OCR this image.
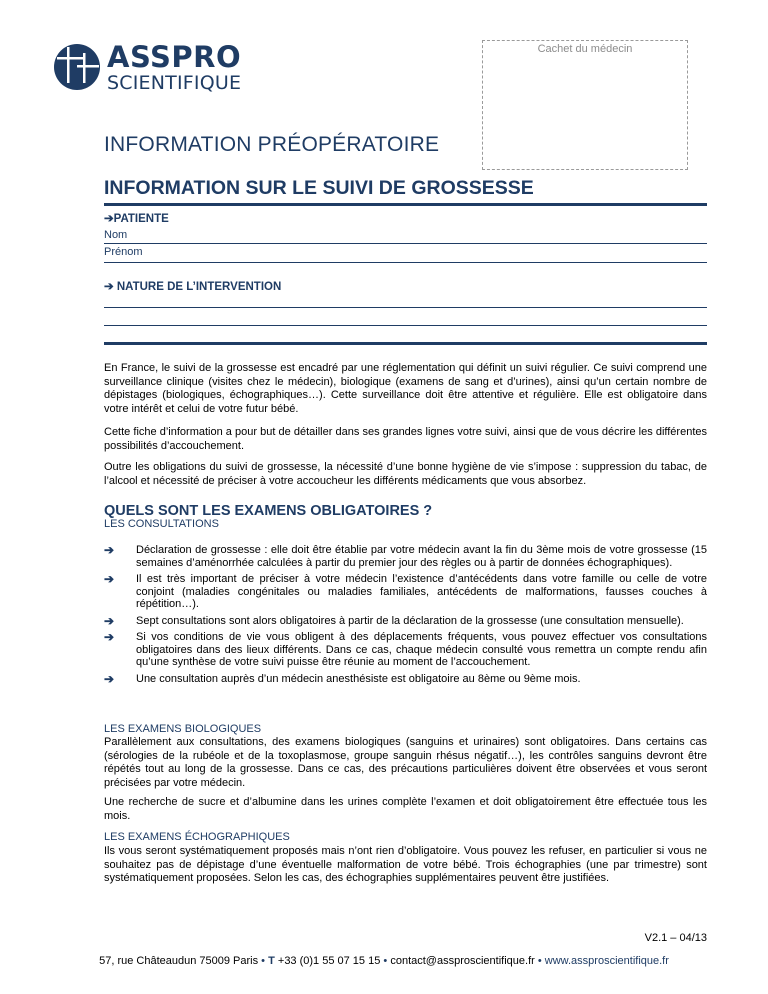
ASSPRO
SCIENTIFIQUE
Cachet du médecin
INFORMATION PRÉOPÉRATOIRE
INFORMATION SUR LE SUIVI DE GROSSESSE
➔PATIENTE
Nom
Prénom
➔ NATURE DE L’INTERVENTION
En France, le suivi de la grossesse est encadré par une réglementation qui définit un suivi régulier. Ce suivi comprend une surveillance clinique (visites chez le médecin), biologique (examens de sang et d’urines), ainsi qu’un certain nombre de dépistages (biologiques, échographiques…). Cette surveillance doit être attentive et régulière. Elle est obligatoire dans votre intérêt et celui de votre futur bébé.
Cette fiche d’information a pour but de détailler dans ses grandes lignes votre suivi, ainsi que de vous décrire les différentes possibilités d’accouchement.
Outre les obligations du suivi de grossesse, la nécessité d’une bonne hygiène de vie s’impose : suppression du tabac, de l’alcool et nécessité de préciser à votre accoucheur les différents médicaments que vous absorbez.
QUELS SONT LES EXAMENS OBLIGATOIRES ?
LES CONSULTATIONS
➔ Déclaration de grossesse : elle doit être établie par votre médecin avant la fin du 3ème mois de votre grossesse (15 semaines d’aménorrhée calculées à partir du premier jour des règles ou à partir de données échographiques).
➔ Il est très important de préciser à votre médecin l’existence d’antécédents dans votre famille ou celle de votre conjoint (maladies congénitales ou maladies familiales, antécédents de malformations, fausses couches à répétition…).
➔ Sept consultations sont alors obligatoires à partir de la déclaration de la grossesse (une consultation mensuelle).
➔ Si vos conditions de vie vous obligent à des déplacements fréquents, vous pouvez effectuer vos consultations obligatoires dans des lieux différents. Dans ce cas, chaque médecin consulté vous remettra un compte rendu afin qu’une synthèse de votre suivi puisse être réunie au moment de l’accouchement.
➔ Une consultation auprès d’un médecin anesthésiste est obligatoire au 8ème ou 9ème mois.
LES EXAMENS BIOLOGIQUES
Parallèlement aux consultations, des examens biologiques (sanguins et urinaires) sont obligatoires. Dans certains cas (sérologies de la rubéole et de la toxoplasmose, groupe sanguin rhésus négatif…), les contrôles sanguins devront être répétés tout au long de la grossesse. Dans ce cas, des précautions particulières doivent être observées et vous seront précisées par votre médecin.
Une recherche de sucre et d’albumine dans les urines complète l’examen et doit obligatoirement être effectuée tous les mois.
LES EXAMENS ÉCHOGRAPHIQUES
Ils vous seront systématiquement proposés mais n’ont rien d’obligatoire. Vous pouvez les refuser, en particulier si vous ne souhaitez pas de dépistage d’une éventuelle malformation de votre bébé. Trois échographies (une par trimestre) sont systématiquement proposées. Selon les cas, des échographies supplémentaires peuvent être justifiées.
V2.1 – 04/13
57, rue Châteaudun 75009 Paris • T +33 (0)1 55 07 15 15 • contact@assproscientifique.fr • www.assproscientifique.fr
